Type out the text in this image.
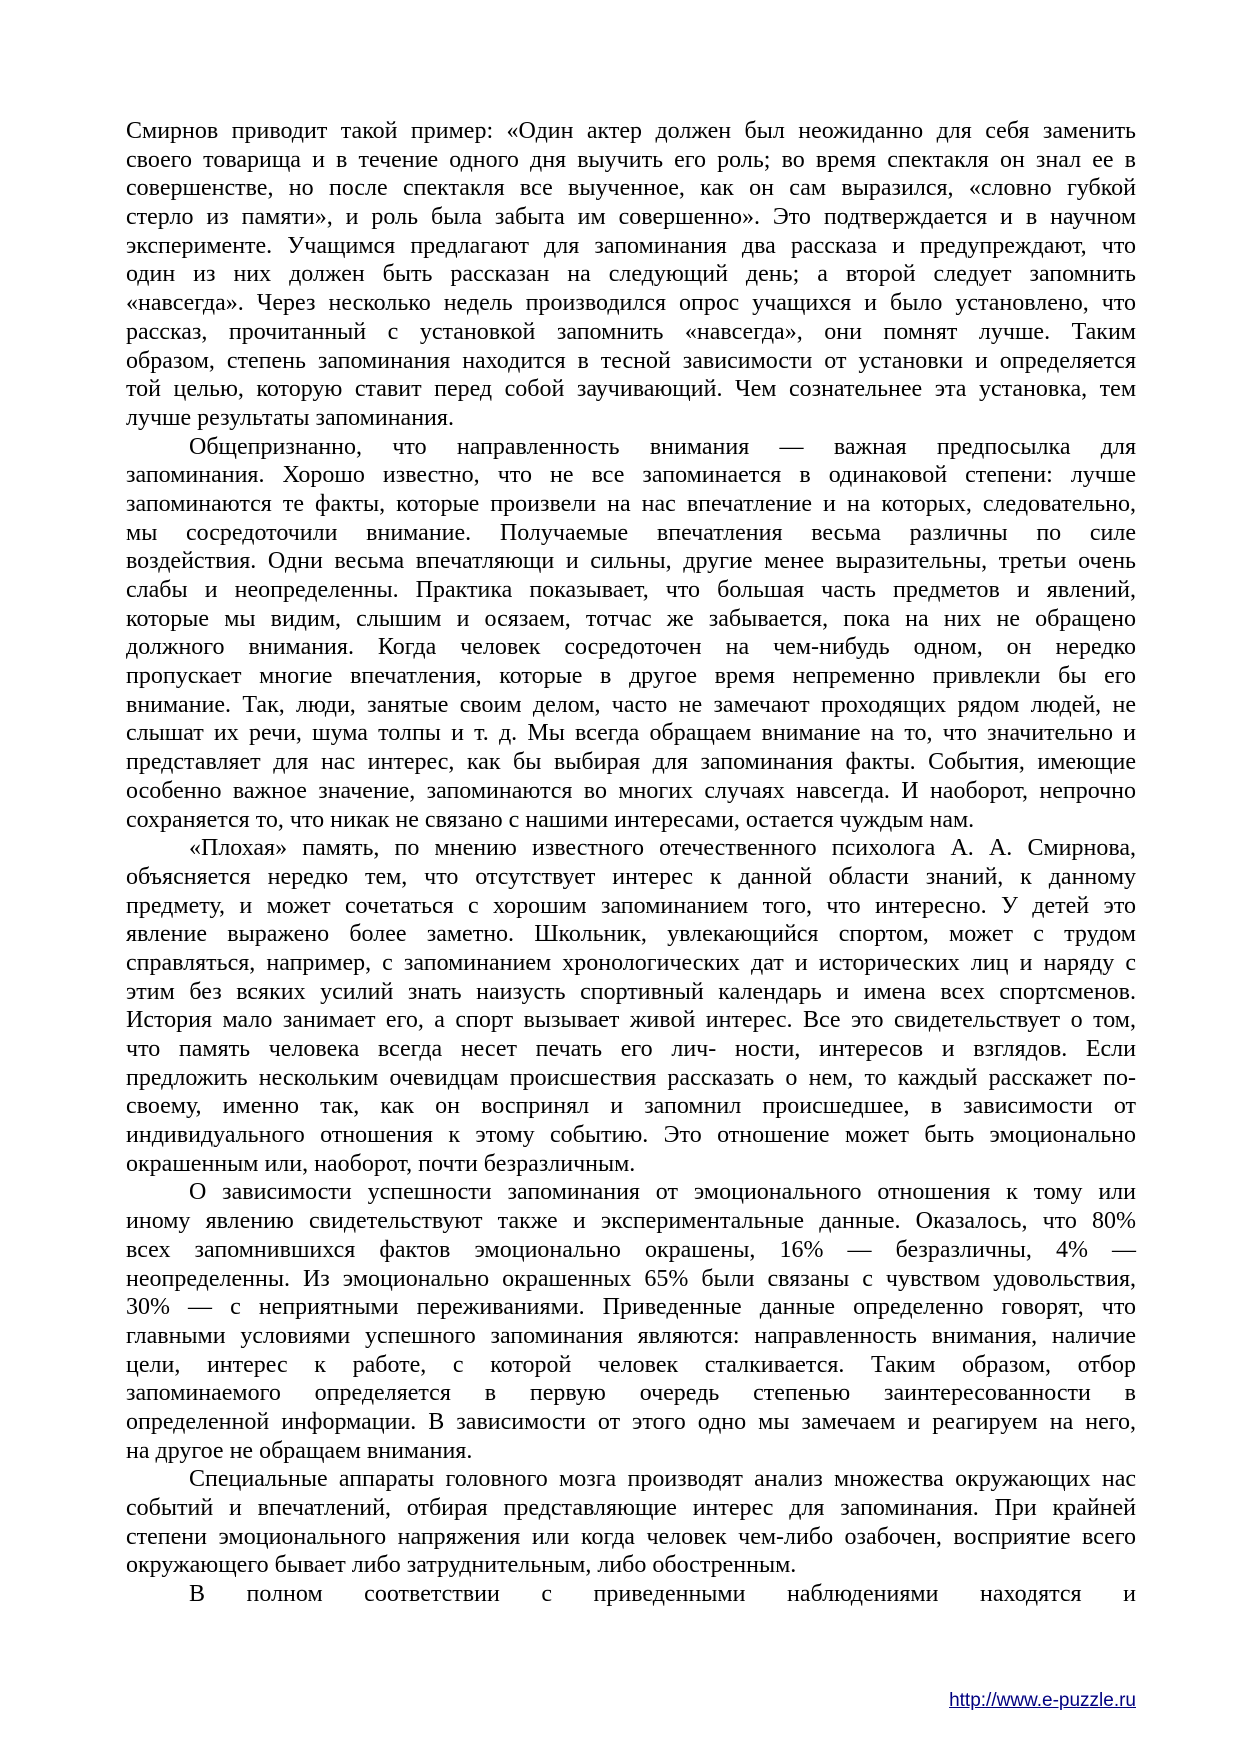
Смирнов приводит такой пример: «Один актер должен был неожиданно для себя заменить
своего товарища и в течение одного дня выучить его роль; во время спектакля он знал ее в
совершенстве, но после спектакля все выученное, как он сам выразился, «словно губкой
стерло из памяти», и роль была забыта им совершенно». Это подтверждается и в научном
эксперименте. Учащимся предлагают для запоминания два рассказа и предупреждают, что
один из них должен быть рассказан на следующий день; а второй следует запомнить
«навсегда». Через несколько недель производился опрос учащихся и было установлено, что
рассказ, прочитанный с установкой запомнить «навсегда», они помнят лучше. Таким
образом, степень запоминания находится в тесной зависимости от установки и определяется
той целью, которую ставит перед собой заучивающий. Чем сознательнее эта установка, тем
лучше результаты запоминания.
Общепризнанно, что направленность внимания — важная предпосылка для
запоминания. Хорошо известно, что не все запоминается в одинаковой степени: лучше
запоминаются те факты, которые произвели на нас впечатление и на которых, следовательно,
мы сосредоточили внимание. Получаемые впечатления весьма различны по силе
воздействия. Одни весьма впечатляющи и сильны, другие менее выразительны, третьи очень
слабы и неопределенны. Практика показывает, что большая часть предметов и явлений,
которые мы видим, слышим и осязаем, тотчас же забывается, пока на них не обращено
должного внимания. Когда человек сосредоточен на чем-нибудь одном, он нередко
пропускает многие впечатления, которые в другое время непременно привлекли бы его
внимание. Так, люди, занятые своим делом, часто не замечают проходящих рядом людей, не
слышат их речи, шума толпы и т. д. Мы всегда обращаем внимание на то, что значительно и
представляет для нас интерес, как бы выбирая для запоминания факты. События, имеющие
особенно важное значение, запоминаются во многих случаях навсегда. И наоборот, непрочно
сохраняется то, что никак не связано с нашими интересами, остается чуждым нам.
«Плохая» память, по мнению известного отечественного психолога А. А. Смирнова,
объясняется нередко тем, что отсутствует интерес к данной области знаний, к данному
предмету, и может сочетаться с хорошим запоминанием того, что интересно. У детей это
явление выражено более заметно. Школьник, увлекающийся спортом, может с трудом
справляться, например, с запоминанием хронологических дат и исторических лиц и наряду с
этим без всяких усилий знать наизусть спортивный календарь и имена всех спортсменов.
История мало занимает его, а спорт вызывает живой интерес. Все это свидетельствует о том,
что память человека всегда несет печать его лич- ности, интересов и взглядов. Если
предложить нескольким очевидцам происшествия рассказать о нем, то каждый расскажет по-
своему, именно так, как он воспринял и запомнил происшедшее, в зависимости от
индивидуального отношения к этому событию. Это отношение может быть эмоционально
окрашенным или, наоборот, почти безразличным.
О зависимости успешности запоминания от эмоционального отношения к тому или
иному явлению свидетельствуют также и экспериментальные данные. Оказалось, что 80%
всех запомнившихся фактов эмоционально окрашены, 16% — безразличны, 4% —
неопределенны. Из эмоционально окрашенных 65% были связаны с чувством удовольствия,
30% — с неприятными переживаниями. Приведенные данные определенно говорят, что
главными условиями успешного запоминания являются: направленность внимания, наличие
цели, интерес к работе, с которой человек сталкивается. Таким образом, отбор
запоминаемого определяется в первую очередь степенью заинтересованности в
определенной информации. В зависимости от этого одно мы замечаем и реагируем на него,
на другое не обращаем внимания.
Специальные аппараты головного мозга производят анализ множества окружающих нас
событий и впечатлений, отбирая представляющие интерес для запоминания. При крайней
степени эмоционального напряжения или когда человек чем-либо озабочен, восприятие всего
окружающего бывает либо затруднительным, либо обостренным.
В полном соответствии с приведенными наблюдениями находятся и
http://www.e-puzzle.ru
